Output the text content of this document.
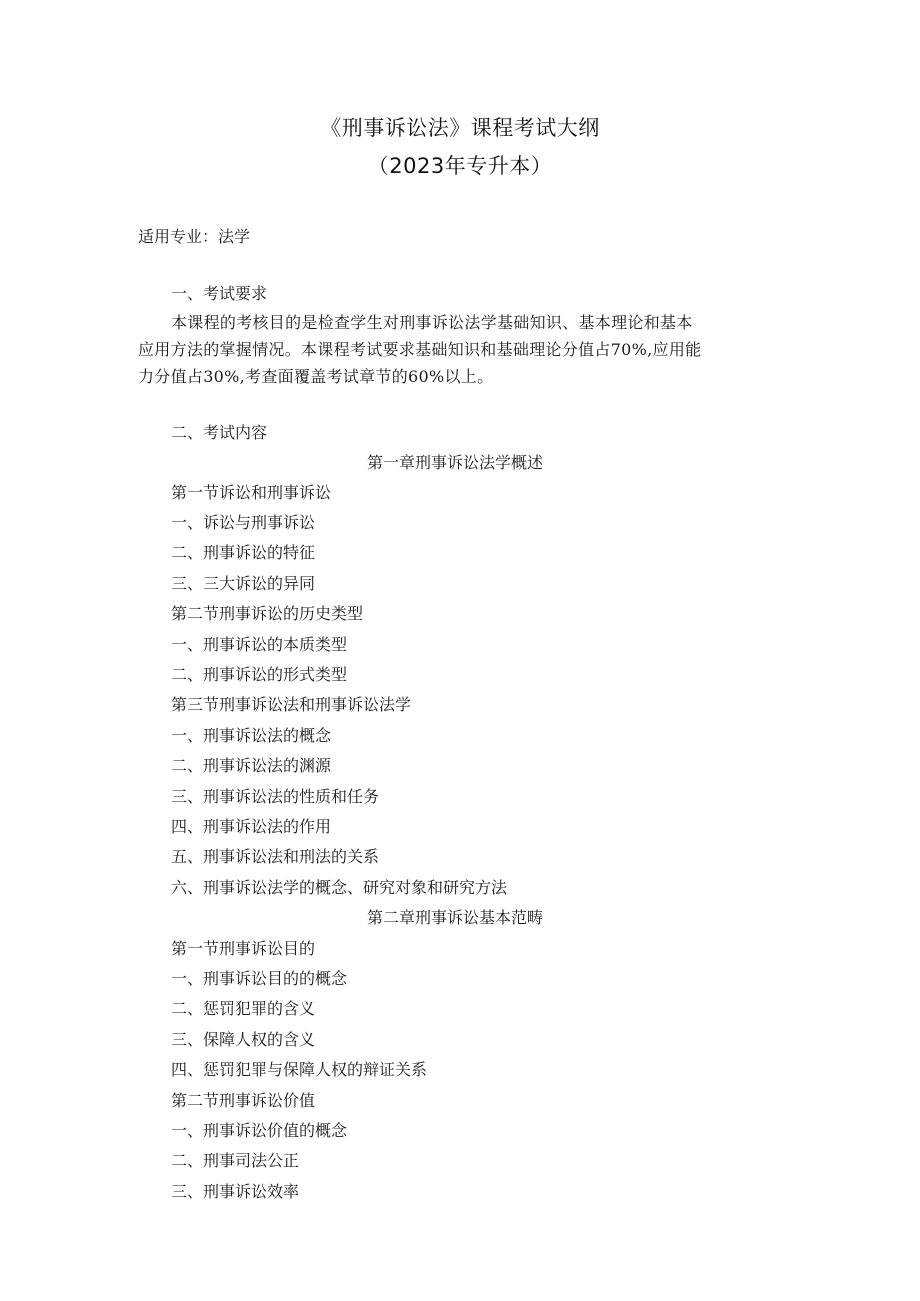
《刑事诉讼法》课程考试大纲
（2023年专升本）
适用专业：法学
一、考试要求
本课程的考核目的是检查学生对刑事诉讼法学基础知识、基本理论和基本
应用方法的掌握情况。本课程考试要求基础知识和基础理论分值占70%,应用能
力分值占30%,考查面覆盖考试章节的60%以上。
二、考试内容
第一章刑事诉讼法学概述
第一节诉讼和刑事诉讼
一、诉讼与刑事诉讼
二、刑事诉讼的特征
三、三大诉讼的异同
第二节刑事诉讼的历史类型
一、刑事诉讼的本质类型
二、刑事诉讼的形式类型
第三节刑事诉讼法和刑事诉讼法学
一、刑事诉讼法的概念
二、刑事诉讼法的渊源
三、刑事诉讼法的性质和任务
四、刑事诉讼法的作用
五、刑事诉讼法和刑法的关系
六、刑事诉讼法学的概念、研究对象和研究方法
第二章刑事诉讼基本范畴
第一节刑事诉讼目的
一、刑事诉讼目的的概念
二、惩罚犯罪的含义
三、保障人权的含义
四、惩罚犯罪与保障人权的辩证关系
第二节刑事诉讼价值
一、刑事诉讼价值的概念
二、刑事司法公正
三、刑事诉讼效率
